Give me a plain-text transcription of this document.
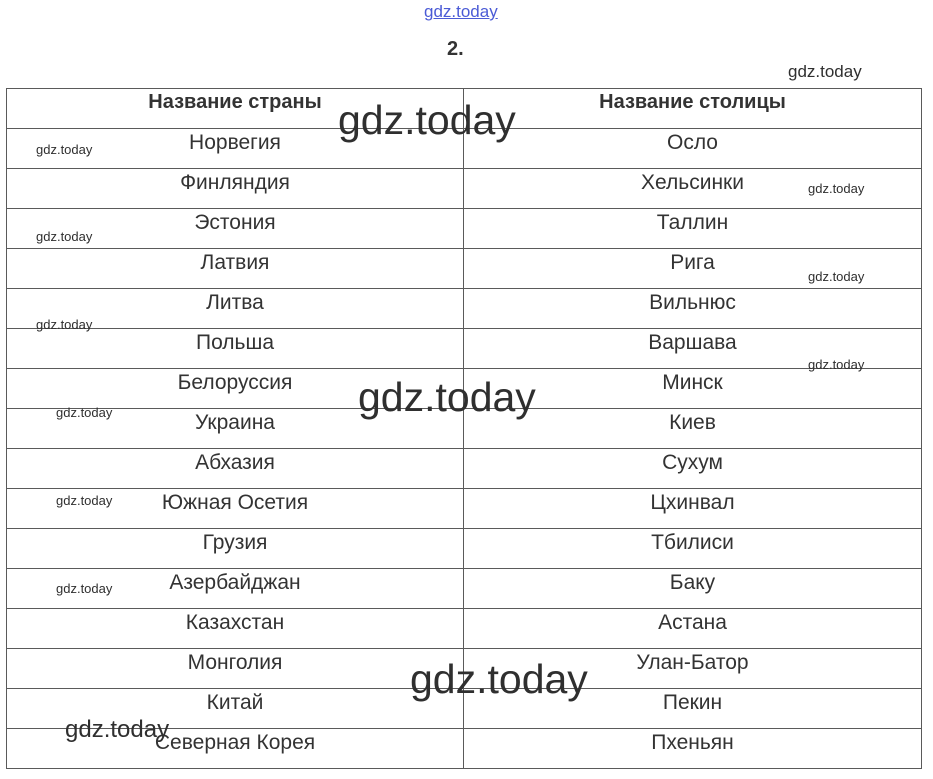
gdz.today
2.
Название страны	Название столицы
Норвегия	Осло
Финляндия	Хельсинки
Эстония	Таллин
Латвия	Рига
Литва	Вильнюс
Польша	Варшава
Белоруссия	Минск
Украина	Киев
Абхазия	Сухум
Южная Осетия	Цхинвал
Грузия	Тбилиси
Азербайджан	Баку
Казахстан	Астана
Монголия	Улан-Батор
Китай	Пекин
Северная Корея	Пхеньян
gdz.today
gdz.today
gdz.today
gdz.today
gdz.today
gdz.today
gdz.today
gdz.today
gdz.today
gdz.today
gdz.today
gdz.today
gdz.today
gdz.today
